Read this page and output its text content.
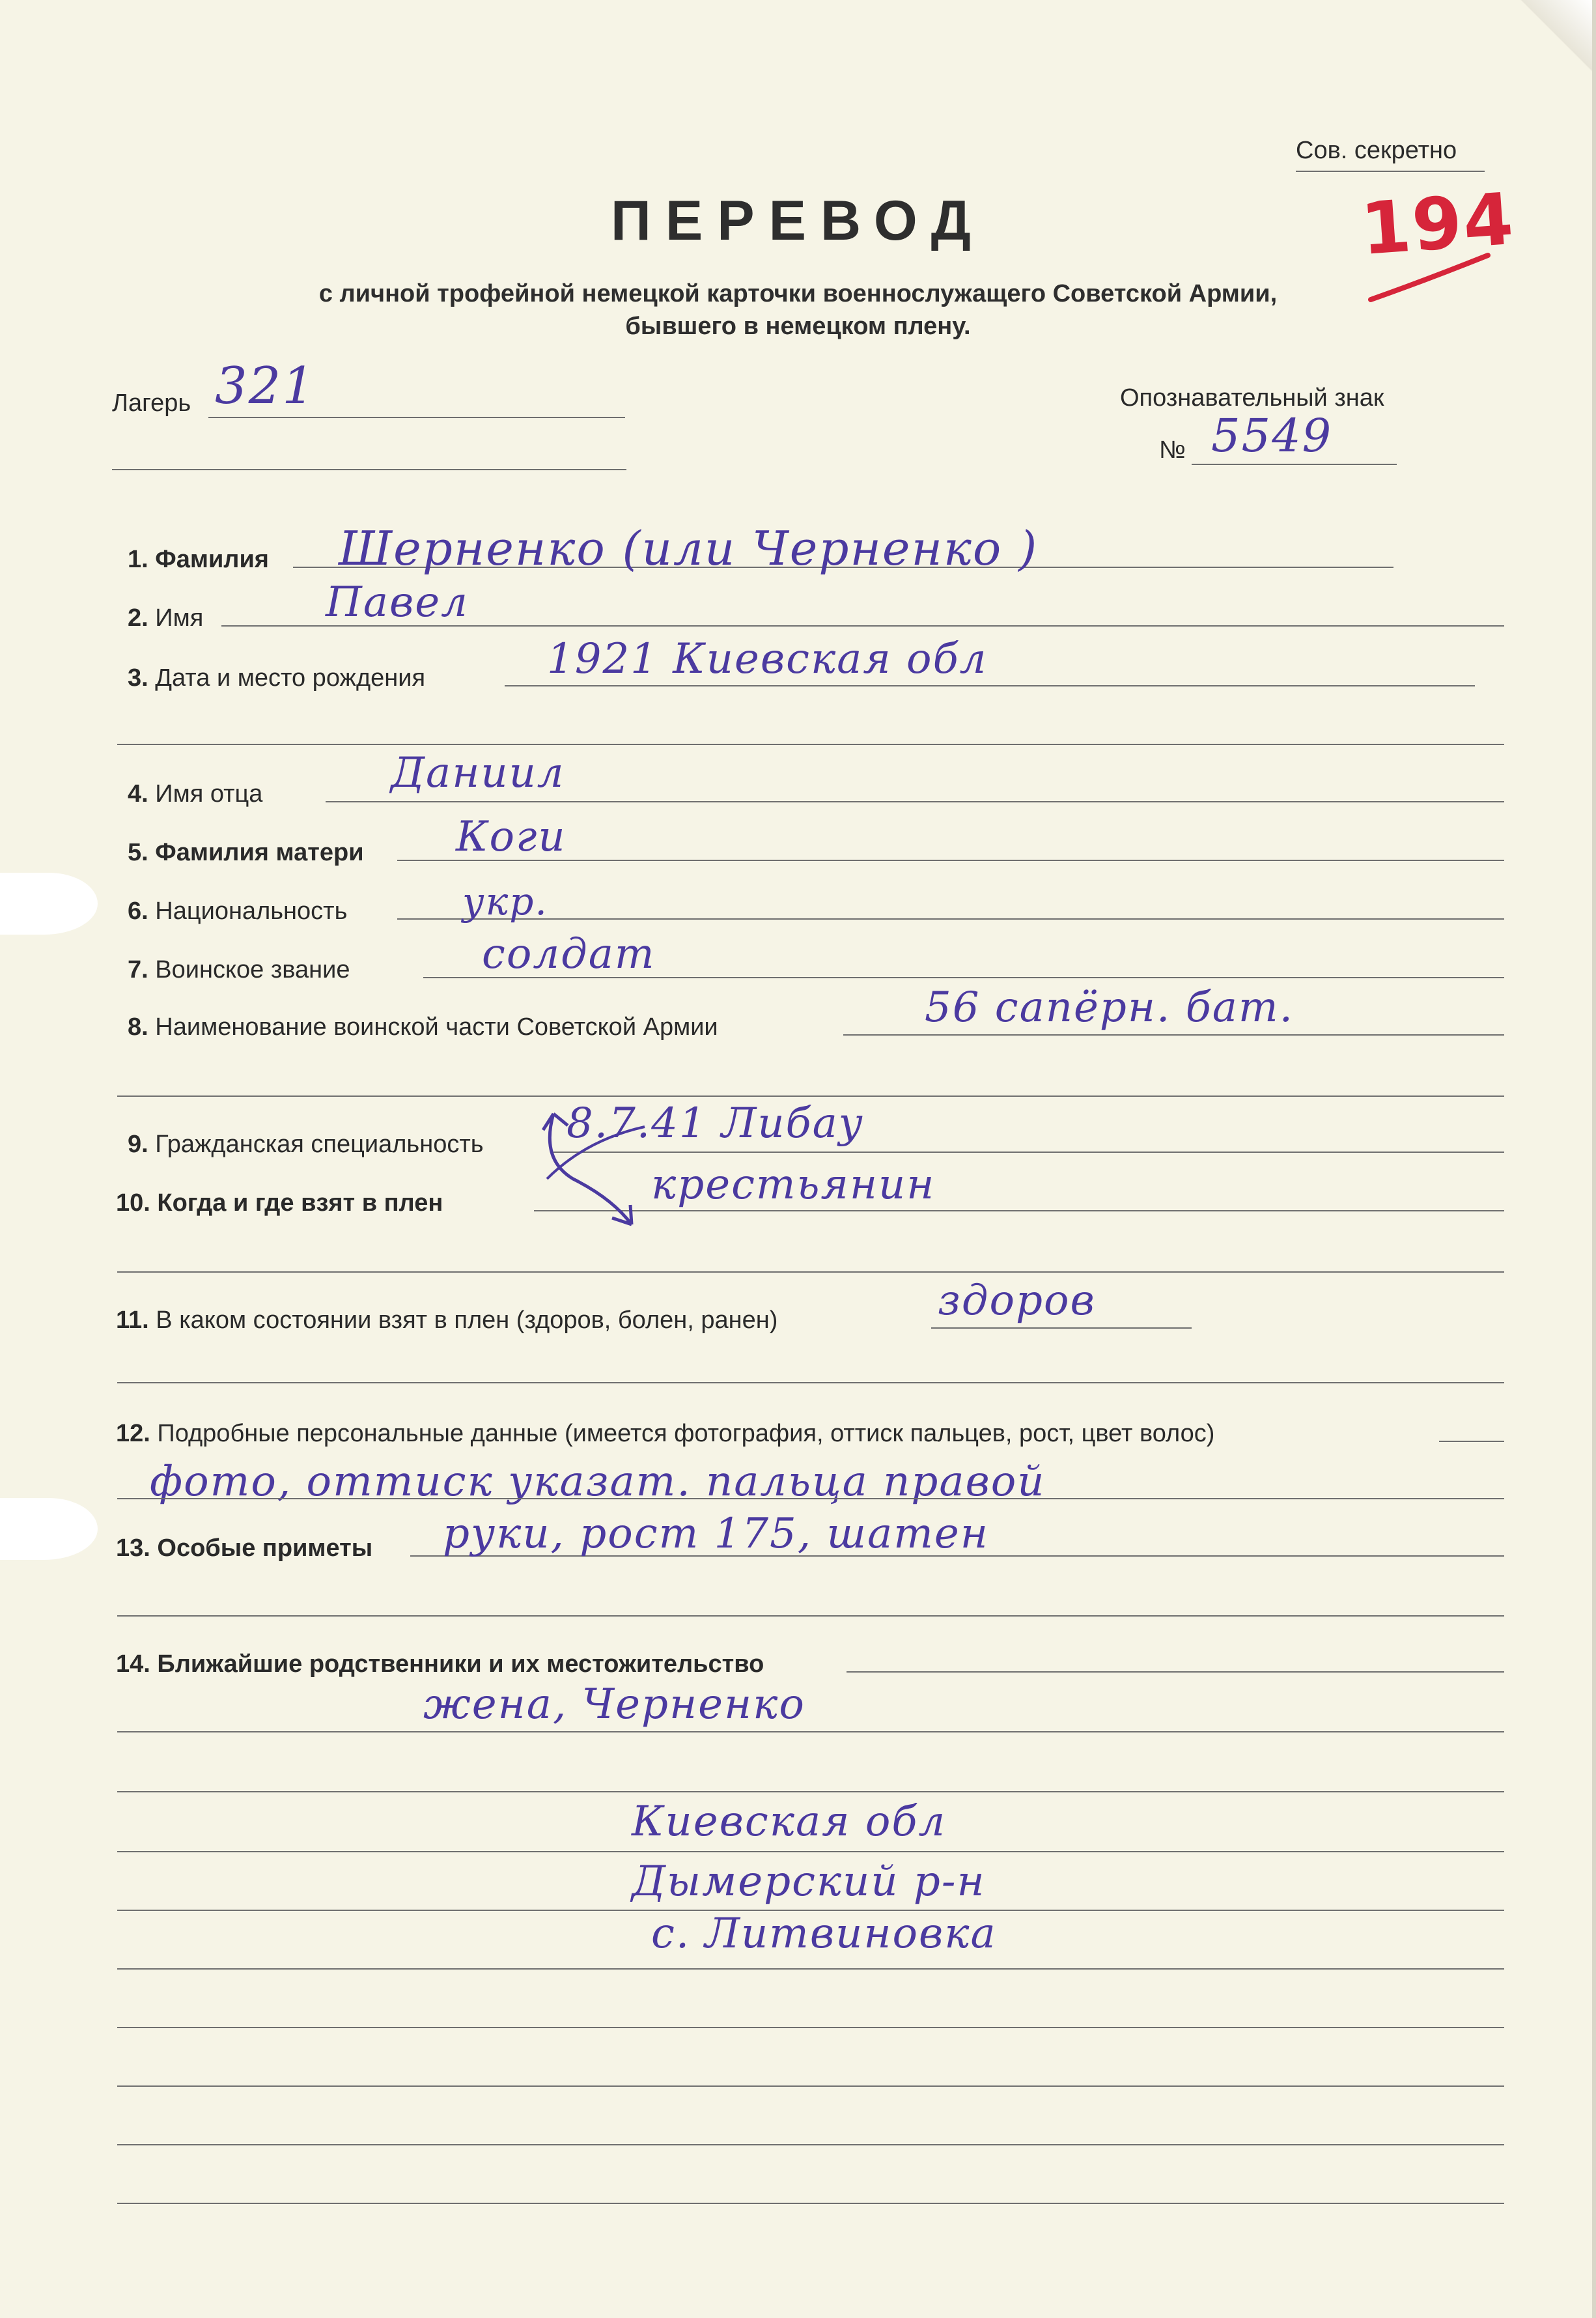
Сов. секретно
194
ПЕРЕВОД
с личной трофейной немецкой карточки военнослужащего Советской Армии,
бывшего в немецком плену.
Лагерь 321	Опознавательный знак
№ 5549
1. Фамилия Шерненко (или Черненко )
2. Имя	Павел
3. Дата и место рождения	1921 Киевская обл
4. Имя отца	Даниил
5. Фамилия матери Коги
6. Национальность	укр.
7. Воинское звание	солдат
8. Наименование воинской части Советской Армии	56 сапёрн. бат.
9. Гражданская специальность 8.7.41 Либау
10. Когда и где взят в плен	крестьянин
11. В каком состоянии взят в плен (здоров, болен, ранен)	здоров
12. Подробные персональные данные (имеется фотография, оттиск пальцев, рост, цвет волос)
фото, оттиск указат. пальца правой
13. Особые приметы руки, рост 175, шатен
14. Ближайшие родственники и их местожительство
жена, Черненко
Киевская обл
Дымерский р-н
с. Литвиновка
